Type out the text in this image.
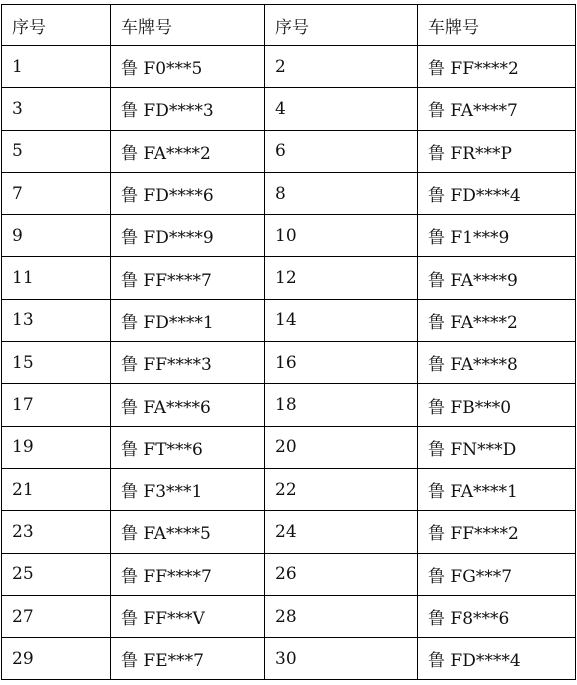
序号	车牌号	序号	车牌号
1	鲁 F0***5	2	鲁 FF****2
3	鲁 FD****3	4	鲁 FA****7
5	鲁 FA****2	6	鲁 FR***P
7	鲁 FD****6	8	鲁 FD****4
9	鲁 FD****9	10	鲁 F1***9
11	鲁 FF****7	12	鲁 FA****9
13	鲁 FD****1	14	鲁 FA****2
15	鲁 FF****3	16	鲁 FA****8
17	鲁 FA****6	18	鲁 FB***0
19	鲁 FT***6	20	鲁 FN***D
21	鲁 F3***1	22	鲁 FA****1
23	鲁 FA****5	24	鲁 FF****2
25	鲁 FF****7	26	鲁 FG***7
27	鲁 FF***V	28	鲁 F8***6
29	鲁 FE***7	30	鲁 FD****4
